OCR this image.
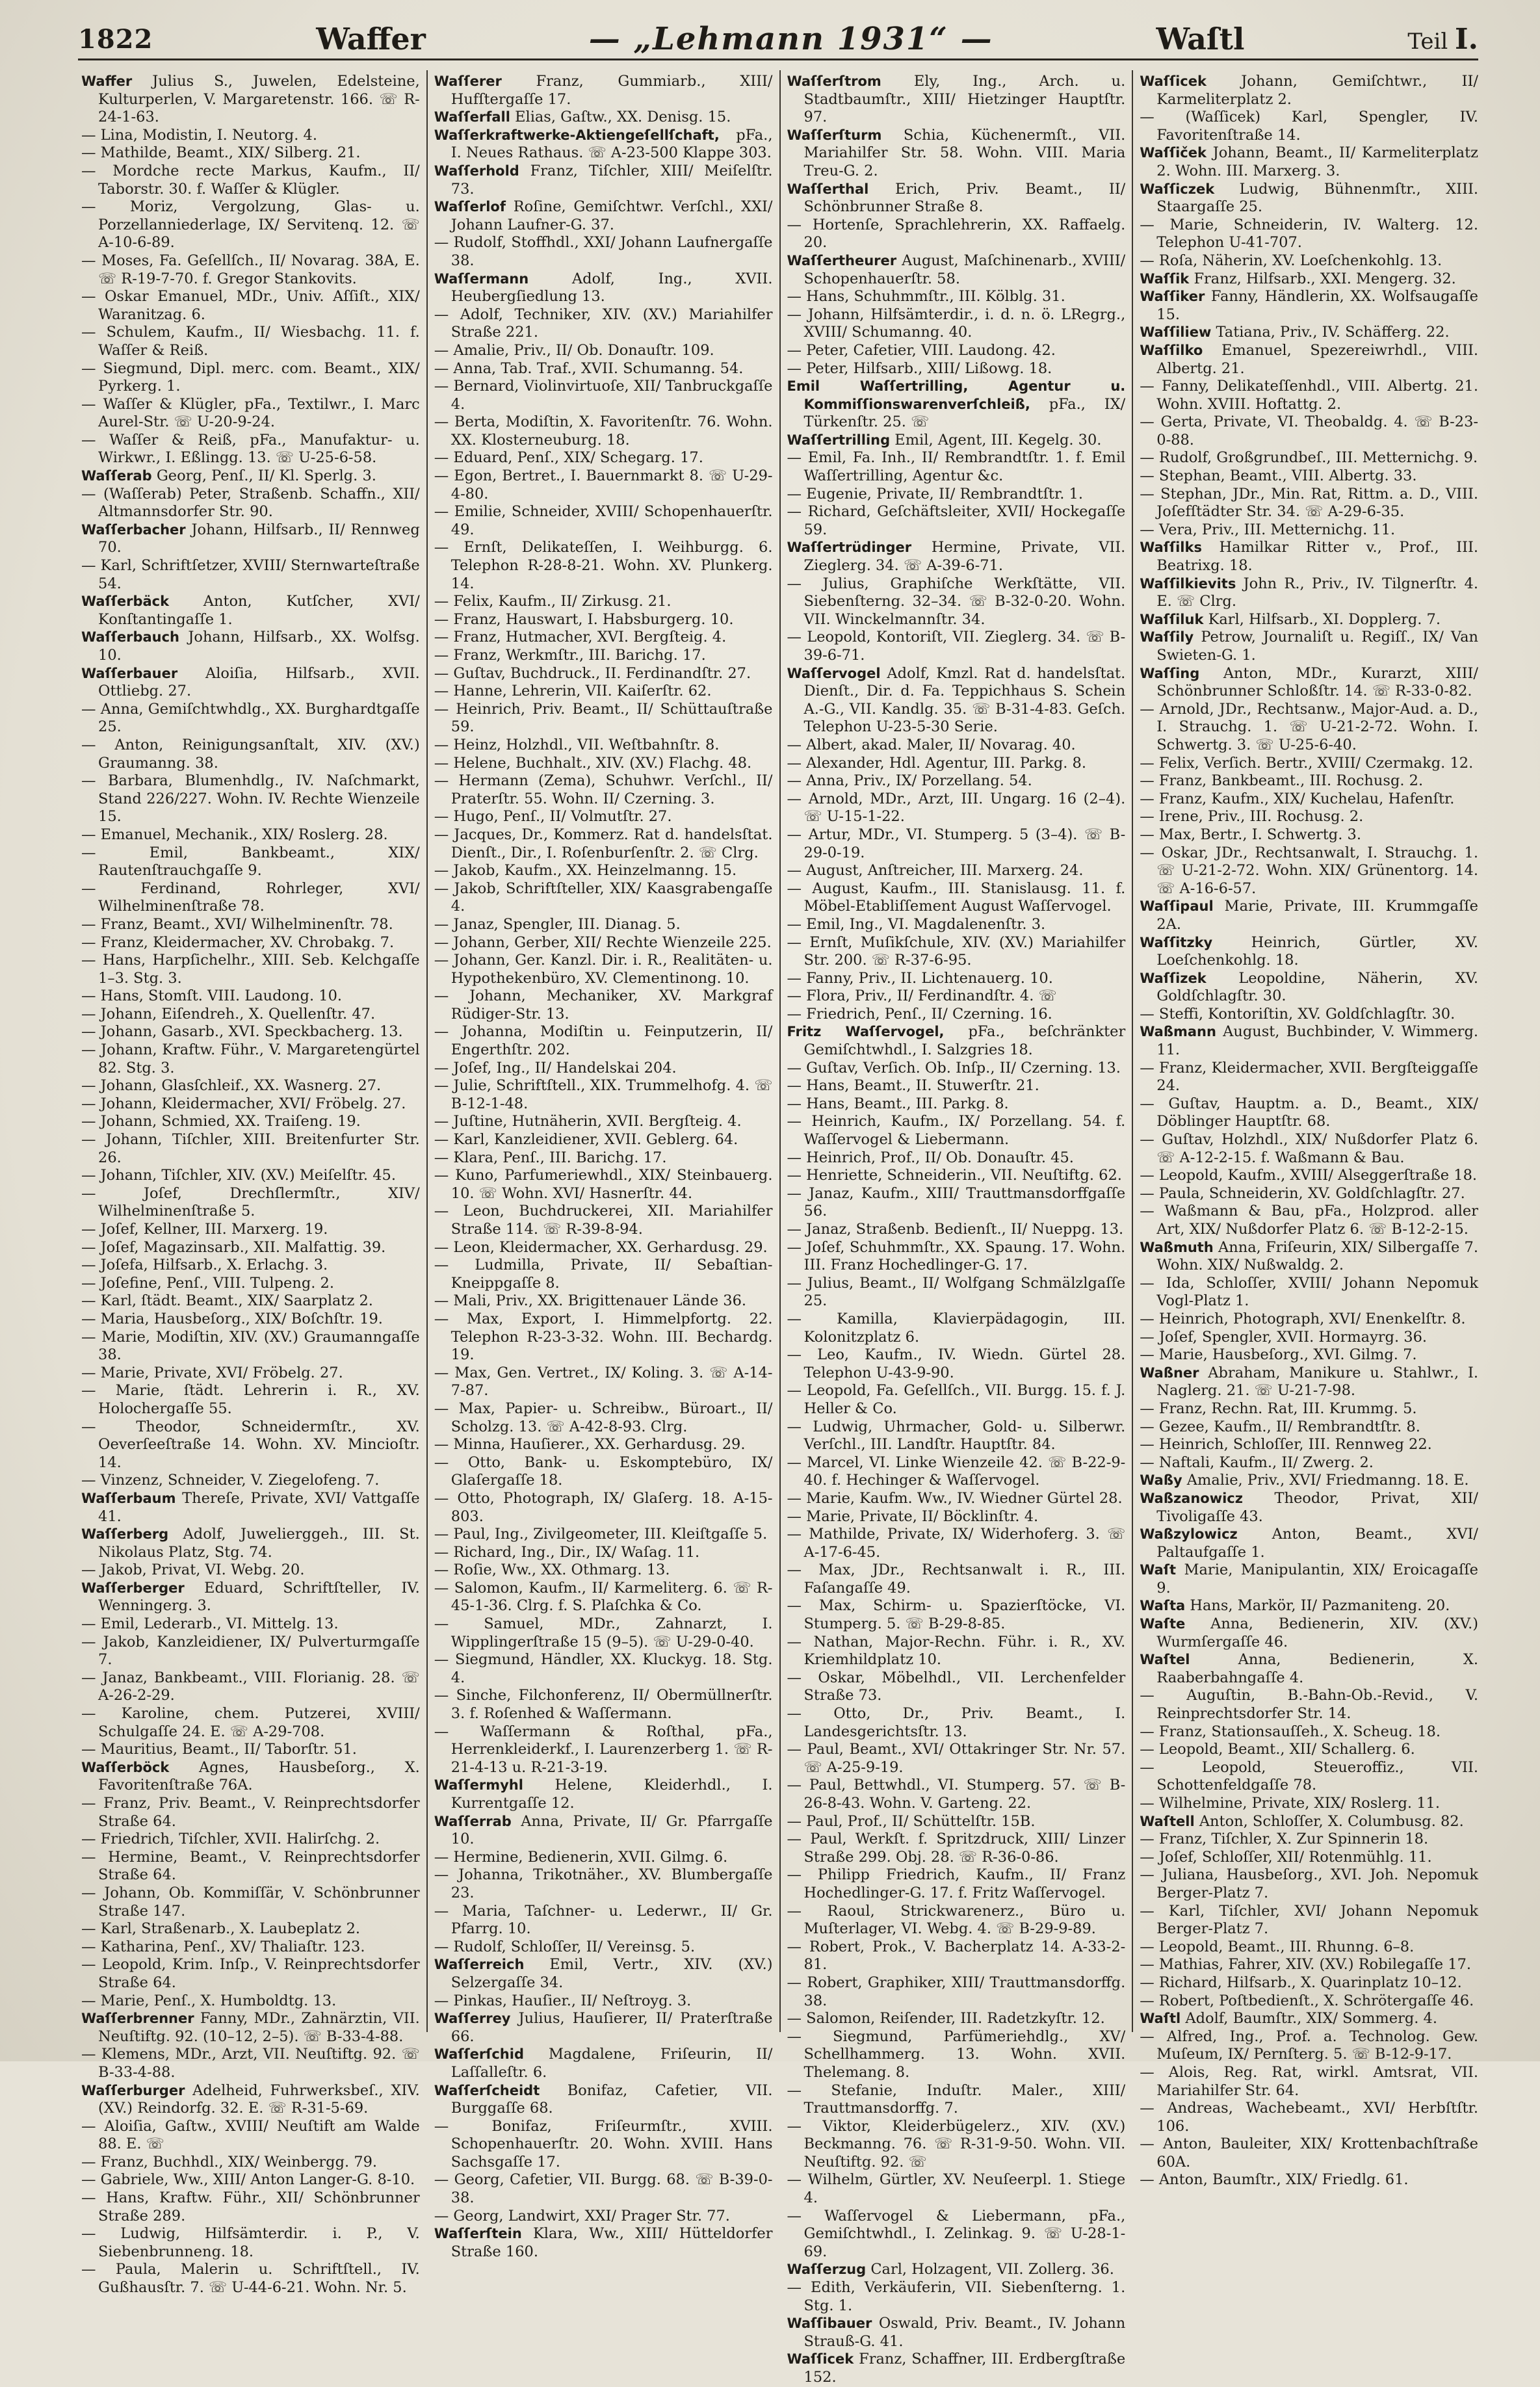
1822	Waffer	— „Lehmann 1931“ —	Waſtl	Teil I.

Waffer Julius S., Juwelen, Edelsteine, Kulturperlen, V. Margaretenstr. 166. ☏ R-24-1-63.

— Lina, Modistin, I. Neutorg. 4.

— Mathilde, Beamt., XIX/ Silberg. 21.

— Mordche recte Markus, Kaufm., II/ Taborstr. 30. f. Waſſer & Klügler.

— Moriz, Vergolzung, Glas- u. Porzellanniederlage, IX/ Servitenq. 12. ☏ A-10-6-89.

— Moses, Fa. Geſellſch., II/ Novarag. 38A, E. ☏ R-19-7-70. f. Gregor Stankovits.

— Oskar Emanuel, MDr., Univ. Aſſiſt., XIX/ Waranitzag. 6.

— Schulem, Kaufm., II/ Wiesbachg. 11. f. Waſſer & Reiß.

— Siegmund, Dipl. merc. com. Beamt., XIX/ Pyrkerg. 1.

— Waſſer & Klügler, pFa., Textilwr., I. Marc Aurel-Str. ☏ U-20-9-24.

— Waſſer & Reiß, pFa., Manufaktur- u. Wirkwr., I. Eßlingg. 13. ☏ U-25-6-58.

Waſſerab Georg, Penſ., II/ Kl. Sperlg. 3.

— (Waſſerab) Peter, Straßenb. Schaffn., XII/ Altmannsdorfer Str. 90.

Waſſerbacher Johann, Hilfsarb., II/ Rennweg 70.

— Karl, Schriftſetzer, XVIII/ Sternwarteſtraße 54.

Waſſerbäck Anton, Kutſcher, XVI/ Konſtantingaſſe 1.

Waſſerbauch Johann, Hilfsarb., XX. Wolfsg. 10.

Waſſerbauer Aloiſia, Hilfsarb., XVII. Ottliebg. 27.

— Anna, Gemiſchtwhdlg., XX. Burghardtgaſſe 25.

— Anton, Reinigungsanſtalt, XIV. (XV.) Graumanng. 38.

— Barbara, Blumenhdlg., IV. Naſchmarkt, Stand 226/227. Wohn. IV. Rechte Wienzeile 15.

— Emanuel, Mechanik., XIX/ Roslerg. 28.

— Emil, Bankbeamt., XIX/ Rautenſtrauchgaſſe 9.

— Ferdinand, Rohrleger, XVI/ Wilhelminenſtraße 78.

— Franz, Beamt., XVI/ Wilhelminenſtr. 78.

— Franz, Kleidermacher, XV. Chrobakg. 7.

— Hans, Harpſichelhr., XIII. Seb. Kelchgaſſe 1–3. Stg. 3.

— Hans, Stomſt. VIII. Laudong. 10.

— Johann, Eiſendreh., X. Quellenſtr. 47.

— Johann, Gasarb., XVI. Speckbacherg. 13.

— Johann, Kraftw. Führ., V. Margaretengürtel 82. Stg. 3.

— Johann, Glasſchleif., XX. Wasnerg. 27.

— Johann, Kleidermacher, XVI/ Fröbelg. 27.

— Johann, Schmied, XX. Traiſeng. 19.

— Johann, Tiſchler, XIII. Breitenfurter Str. 26.

— Johann, Tiſchler, XIV. (XV.) Meiſelſtr. 45.

— Joſef, Drechſlermſtr., XIV/ Wilhelminenſtraße 5.

— Joſef, Kellner, III. Marxerg. 19.

— Joſef, Magazinsarb., XII. Malfattig. 39.

— Joſefa, Hilfsarb., X. Erlachg. 3.

— Joſefine, Penſ., VIII. Tulpeng. 2.

— Karl, ſtädt. Beamt., XIX/ Saarplatz 2.

— Maria, Hausbeſorg., XIX/ Boſchſtr. 19.

— Marie, Modiſtin, XIV. (XV.) Graumanngaſſe 38.

— Marie, Private, XVI/ Fröbelg. 27.

— Marie, ſtädt. Lehrerin i. R., XV. Holochergaſſe 55.

— Theodor, Schneidermſtr., XV. Oeverſeeſtraße 14. Wohn. XV. Mincioſtr. 14.

— Vinzenz, Schneider, V. Ziegelofeng. 7.

Waſſerbaum Thereſe, Private, XVI/ Vattgaſſe 41.

Waſſerberg Adolf, Juwelierggeh., III. St. Nikolaus Platz, Stg. 74.

— Jakob, Privat, VI. Webg. 20.

Waſſerberger Eduard, Schriftſteller, IV. Wenningerg. 3.

— Emil, Lederarb., VI. Mittelg. 13.

— Jakob, Kanzleidiener, IX/ Pulverturmgaſſe 7.

— Janaz, Bankbeamt., VIII. Florianig. 28. ☏ A-26-2-29.

— Karoline, chem. Putzerei, XVIII/ Schulgaſſe 24. E. ☏ A-29-708.

— Mauritius, Beamt., II/ Taborſtr. 51.

Waſſerböck Agnes, Hausbeſorg., X. Favoritenſtraße 76A.

— Franz, Priv. Beamt., V. Reinprechtsdorfer Straße 64.

— Friedrich, Tiſchler, XVII. Halirſchg. 2.

— Hermine, Beamt., V. Reinprechtsdorfer Straße 64.

— Johann, Ob. Kommiſſär, V. Schönbrunner Straße 147.

— Karl, Straßenarb., X. Laubeplatz 2.

— Katharina, Penſ., XV/ Thaliaſtr. 123.

— Leopold, Krim. Inſp., V. Reinprechtsdorfer Straße 64.

— Marie, Penſ., X. Humboldtg. 13.

Waſſerbrenner Fanny, MDr., Zahnärztin, VII. Neuſtiftg. 92. (10–12, 2–5). ☏ B-33-4-88.

— Klemens, MDr., Arzt, VII. Neuſtiftg. 92. ☏ B-33-4-88.

Waſſerburger Adelheid, Fuhrwerksbeſ., XIV. (XV.) Reindorfg. 32. E. ☏ R-31-5-69.

— Aloiſia, Gaſtw., XVIII/ Neuſtift am Walde 88. E. ☏

— Franz, Buchhdl., XIX/ Weinbergg. 79.

— Gabriele, Ww., XIII/ Anton Langer-G. 8-10.

— Hans, Kraftw. Führ., XII/ Schönbrunner Straße 289.

— Ludwig, Hilfsämterdir. i. P., V. Siebenbrunneng. 18.

— Paula, Malerin u. Schriftſtell., IV. Gußhausſtr. 7. ☏ U-44-6-21. Wohn. Nr. 5.

Waſſerer Franz, Gummiarb., XIII/ Hufſtergaſſe 17.

Waſſerfall Elias, Gaſtw., XX. Denisg. 15.

Waſſerkraftwerke-Aktiengeſellſchaft, pFa., I. Neues Rathaus. ☏ A-23-500 Klappe 303.

Waſſerhold Franz, Tiſchler, XIII/ Meiſelſtr. 73.

Waſſerlof Roſine, Gemiſchtwr. Verſchl., XXI/ Johann Laufner-G. 37.

— Rudolf, Stoffhdl., XXI/ Johann Laufnergaſſe 38.

Waſſermann	Adolf, Ing., XVII. Heubergſiedlung 13.

— Adolf, Techniker, XIV. (XV.) Mariahilfer Straße 221.

— Amalie, Priv., II/ Ob. Donauſtr. 109.

— Anna, Tab. Traf., XVII. Schumanng. 54.

— Bernard, Violinvirtuoſe, XII/ Tanbruckgaſſe 4.

— Berta, Modiſtin, X. Favoritenſtr. 76. Wohn. XX. Klosterneuburg. 18.

— Eduard, Penſ., XIX/ Schegarg. 17.

— Egon, Bertret., I. Bauernmarkt 8. ☏ U-29-4-80.

— Emilie, Schneider, XVIII/ Schopenhauerſtr. 49.

— Ernſt, Delikateſſen, I. Weihburgg. 6. Telephon R-28-8-21. Wohn. XV. Plunkerg. 14.

— Felix, Kaufm., II/ Zirkusg. 21.

— Franz, Hauswart, I. Habsburgerg. 10.

— Franz, Hutmacher, XVI. Bergſteig. 4.

— Franz, Werkmſtr., III. Barichg. 17.

— Guſtav, Buchdruck., II. Ferdinandſtr. 27.

— Hanne, Lehrerin, VII. Kaiſerſtr. 62.

— Heinrich, Priv. Beamt., II/ Schüttauſtraße 59.

— Heinz, Holzhdl., VII. Weſtbahnſtr. 8.

— Helene, Buchhalt., XIV. (XV.) Flachg. 48.

— Hermann (Zema), Schuhwr. Verſchl., II/ Praterſtr. 55. Wohn. II/ Czerning. 3.

— Hugo, Penſ., II/ Volmutſtr. 27.

— Jacques, Dr., Kommerz. Rat d. handelsſtat. Dienſt., Dir., I. Roſenburſenſtr. 2. ☏ Clrg.

— Jakob, Kaufm., XX. Heinzelmanng. 15.

— Jakob, Schriftſteller, XIX/ Kaasgrabengaſſe 4.

— Janaz, Spengler, III. Dianag. 5.

— Johann, Gerber, XII/ Rechte Wienzeile 225.

— Johann, Ger. Kanzl. Dir. i. R., Realitäten- u. Hypothekenbüro, XV. Clementinong. 10.

— Johann, Mechaniker, XV. Markgraf Rüdiger-Str. 13.

— Johanna, Modiſtin u. Feinputzerin, II/ Engerthſtr. 202.

— Joſef, Ing., II/ Handelskai 204.

— Julie, Schriftſtell., XIX. Trummelhofg. 4. ☏ B-12-1-48.

— Juſtine, Hutnäherin, XVII. Bergſteig. 4.

— Karl, Kanzleidiener, XVII. Geblerg. 64.

— Klara, Penſ., III. Barichg. 17.

— Kuno, Parfumeriewhdl., XIX/ Steinbauerg. 10. ☏ Wohn. XVI/ Hasnerſtr. 44.

— Leon, Buchdruckerei, XII. Mariahilfer Straße 114. ☏ R-39-8-94.

— Leon, Kleidermacher, XX. Gerhardusg. 29.

— Ludmilla, Private, II/ Sebaſtian-Kneippgaſſe 8.

— Mali, Priv., XX. Brigittenauer Lände 36.

— Max, Export, I. Himmelpfortg. 22. Telephon R-23-3-32. Wohn. III. Bechardg. 19.

— Max, Gen. Vertret., IX/ Koling. 3. ☏ A-14-7-87.

— Max, Papier- u. Schreibw., Büroart., II/ Scholzg. 13. ☏ A-42-8-93. Clrg.

— Minna, Hauſierer., XX. Gerhardusg. 29.

— Otto, Bank- u. Eskomptebüro, IX/ Glaſergaſſe 18.

— Otto, Photograph, IX/ Glaſerg. 18. A-15-803.

— Paul, Ing., Zivilgeometer, III. Kleiſtgaſſe 5.

— Richard, Ing., Dir., IX/ Waſag. 11.

— Roſie, Ww., XX. Othmarg. 13.

— Salomon, Kaufm., II/ Karmeliterg. 6. ☏ R-45-1-36. Clrg. f. S. Plaſchka & Co.

— Samuel, MDr., Zahnarzt, I. Wipplingerſtraße 15 (9–5). ☏ U-29-0-40.

— Siegmund, Händler, XX. Kluckyg. 18. Stg. 4.

— Sinche, Filchonferenz, II/ Obermüllnerſtr. 3. f. Roſenhed & Waſſermann.

— Waſſermann & Roſthal, pFa., Herrenkleiderkf., I. Laurenzerberg 1. ☏ R-21-4-13 u. R-21-3-19.

Waſſermyhl Helene, Kleiderhdl., I. Kurrentgaſſe 12.

Waſſerrab Anna, Private, II/ Gr. Pfarrgaſſe 10.

— Hermine, Bedienerin, XVII. Gilmg. 6.

— Johanna, Trikotnäher., XV. Blumbergaſſe 23.

— Maria, Taſchner- u. Lederwr., II/ Gr. Pfarrg. 10.

— Rudolf, Schloſſer, II/ Vereinsg. 5.

Waſſerreich Emil, Vertr., XIV. (XV.) Selzergaſſe 34.

— Pinkas, Hauſier., II/ Neſtroyg. 3.

Waſſerrey Julius, Hauſierer, II/ Praterſtraße 66.

Waſſerſchid Magdalene, Friſeurin, II/ Laſſalleſtr. 6.

Waſſerſcheidt Bonifaz, Cafetier, VII. Burggaſſe 68.

— Bonifaz, Friſeurmſtr., XVIII. Schopenhauerſtr. 20. Wohn. XVIII. Hans Sachsgaſſe 17.

— Georg, Cafetier, VII. Burgg. 68. ☏ B-39-0-38.

— Georg, Landwirt, XXI/ Prager Str. 77.

Waſſerſtein Klara, Ww., XIII/ Hütteldorfer Straße 160.

Waſſerſtrom Ely, Ing., Arch. u. Stadtbaumſtr., XIII/ Hietzinger Hauptſtr. 97.

Waſſerſturm Schia, Küchenermſt., VII. Mariahilfer Str. 58. Wohn. VIII. Maria Treu-G. 2.

Waſſerthal Erich, Priv. Beamt., II/ Schönbrunner Straße 8.

— Hortenſe, Sprachlehrerin, XX. Raffaelg. 20.

Waſſertheurer August, Maſchinenarb., XVIII/ Schopenhauerſtr. 58.

— Hans, Schuhmmſtr., III. Kölblg. 31.

— Johann, Hilfsämterdir., i. d. n. ö. LRegrg., XVIII/ Schumanng. 40.

— Peter, Cafetier, VIII. Laudong. 42.

— Peter, Hilfsarb., XIII/ Lißowg. 18.

Emil Waſſertrilling, Agentur u. Kommiſſionswarenverſchleiß, pFa., IX/ Türkenſtr. 25. ☏

Waſſertrilling Emil, Agent, III. Kegelg. 30.

— Emil, Fa. Inh., II/ Rembrandtſtr. 1. f. Emil Waſſertrilling, Agentur &c.

— Eugenie, Private, II/ Rembrandtſtr. 1.

— Richard, Geſchäftsleiter, XVII/ Hockegaſſe 59.

Waſſertrüdinger Hermine, Private, VII. Zieglerg. 34. ☏ A-39-6-71.

— Julius, Graphiſche Werkſtätte, VII. Siebenſterng. 32–34. ☏ B-32-0-20. Wohn. VII. Winckelmannſtr. 34.

— Leopold, Kontoriſt, VII. Zieglerg. 34. ☏ B-39-6-71.

Waſſervogel Adolf, Kmzl. Rat d. handelsſtat. Dienſt., Dir. d. Fa. Teppichhaus S. Schein A.-G., VII. Kandlg. 35. ☏ B-31-4-83. Geſch. Telephon U-23-5-30 Serie.

— Albert, akad. Maler, II/ Novarag. 40.

— Alexander, Hdl. Agentur, III. Parkg. 8.

— Anna, Priv., IX/ Porzellang. 54.

— Arnold, MDr., Arzt, III. Ungarg. 16 (2–4). ☏ U-15-1-22.

— Artur, MDr., VI. Stumperg. 5 (3–4). ☏ B-29-0-19.

— August, Anſtreicher, III. Marxerg. 24.

— August, Kaufm., III. Stanislausg. 11. f. Möbel-Etabliſſement August Waſſervogel.

— Emil, Ing., VI. Magdalenenſtr. 3.

— Ernſt, Muſikſchule, XIV. (XV.) Mariahilfer Str. 200. ☏ R-37-6-95.

— Fanny, Priv., II. Lichtenauerg. 10.

— Flora, Priv., II/ Ferdinandſtr. 4. ☏

— Friedrich, Penſ., II/ Czerning. 16.

Fritz Waſſervogel, pFa., beſchränkter Gemiſchtwhdl., I. Salzgries 18.

— Guſtav, Verſich. Ob. Inſp., II/ Czerning. 13.

— Hans, Beamt., II. Stuwerſtr. 21.

— Hans, Beamt., III. Parkg. 8.

— Heinrich, Kaufm., IX/ Porzellang. 54. f. Waſſervogel & Liebermann.

— Heinrich, Prof., II/ Ob. Donauſtr. 45.

— Henriette, Schneiderin., VII. Neuſtiftg. 62.

— Janaz, Kaufm., XIII/ Trauttmansdorffgaſſe 56.

— Janaz, Straßenb. Bedienſt., II/ Nueppg. 13.

— Joſef, Schuhmmſtr., XX. Spaung. 17. Wohn. III. Franz Hochedlinger-G. 17.

— Julius, Beamt., II/ Wolfgang Schmälzlgaſſe 25.

— Kamilla, Klavierpädagogin, III. Kolonitzplatz 6.

— Leo, Kaufm., IV. Wiedn. Gürtel 28. Telephon U-43-9-90.

— Leopold, Fa. Geſellſch., VII. Burgg. 15. f. J. Heller & Co.

— Ludwig, Uhrmacher, Gold- u. Silberwr. Verſchl., III. Landſtr. Hauptſtr. 84.

— Marcel, VI. Linke Wienzeile 42. ☏ B-22-9-40. f. Hechinger & Waſſervogel.

— Marie, Kaufm. Ww., IV. Wiedner Gürtel 28.

— Marie, Private, II/ Böcklinſtr. 4.

— Mathilde, Private, IX/ Widerhoferg. 3. ☏ A-17-6-45.

— Max, JDr., Rechtsanwalt i. R., III. Faſangaſſe 49.

— Max, Schirm- u. Spazierſtöcke, VI. Stumperg. 5. ☏ B-29-8-85.

— Nathan, Major-Rechn. Führ. i. R., XV. Kriemhildplatz 10.

— Oskar, Möbelhdl., VII. Lerchenfelder Straße 73.

— Otto, Dr., Priv. Beamt., I. Landesgerichtsſtr. 13.

— Paul, Beamt., XVI/ Ottakringer Str. Nr. 57. ☏ A-25-9-19.

— Paul, Bettwhdl., VI. Stumperg. 57. ☏ B-26-8-43. Wohn. V. Garteng. 22.

— Paul, Prof., II/ Schüttelſtr. 15B.

— Paul, Werkſt. f. Spritzdruck, XIII/ Linzer Straße 299. Obj. 28. ☏ R-36-0-86.

— Philipp Friedrich, Kaufm., II/ Franz Hochedlinger-G. 17. f. Fritz Waſſervogel.

— Raoul, Strickwarenerz., Büro u. Muſterlager, VI. Webg. 4. ☏ B-29-9-89.

— Robert, Prok., V. Bacherplatz 14. A-33-2-81.

— Robert, Graphiker, XIII/ Trauttmansdorffg. 38.

— Salomon, Reiſender, III. Radetzkyſtr. 12.

— Siegmund, Parfümeriehdlg., XV/ Schellhammerg. 13. Wohn. XVII. Thelemang. 8.

— Stefanie, Induſtr. Maler., XIII/ Trauttmansdorffg. 7.

— Viktor, Kleiderbügelerz., XIV. (XV.) Beckmanng. 76. ☏ R-31-9-50. Wohn. VII. Neuſtiftg. 92. ☏

— Wilhelm, Gürtler, XV. Neuſeerpl. 1. Stiege 4.

— Waſſervogel & Liebermann, pFa., Gemiſchtwhdl., I. Zelinkag. 9. ☏ U-28-1-69.

Waſſerzug Carl, Holzagent, VII. Zollerg. 36.

— Edith, Verkäuferin, VII. Siebenſterng. 1. Stg. 1.

Waſſibauer Oswald, Priv. Beamt., IV. Johann Strauß-G. 41.

Waſſicek Franz, Schaffner, III. Erdbergſtraße 152.

Waſſicek Johann, Gemiſchtwr., II/ Karmeliterplatz 2.

— (Waſſicek) Karl, Spengler, IV. Favoritenſtraße 14.

Waſſiček Johann, Beamt., II/ Karmeliterplatz 2. Wohn. III. Marxerg. 3.

Waſſiczek Ludwig, Bühnenmſtr., XIII. Staargaſſe 25.

— Marie, Schneiderin, IV. Walterg. 12. Telephon U-41-707.

— Roſa, Näherin, XV. Loeſchenkohlg. 13.

Waſſik Franz, Hilfsarb., XXI. Mengerg. 32.

Waſſiker Fanny, Händlerin, XX. Wolfsaugaſſe 15.

Waſſiliew Tatiana, Priv., IV. Schäfferg. 22.

Waſſilko Emanuel, Spezereiwrhdl., VIII. Albertg. 21.

— Fanny, Delikateſſenhdl., VIII. Albertg. 21. Wohn. XVIII. Hoftattg. 2.

— Gerta, Private, VI. Theobaldg. 4. ☏ B-23-0-88.

— Rudolf, Großgrundbeſ., III. Metternichg. 9.

— Stephan, Beamt., VIII. Albertg. 33.

— Stephan, JDr., Min. Rat, Rittm. a. D., VIII. Joſefſtädter Str. 34. ☏ A-29-6-35.

— Vera, Priv., III. Metternichg. 11.

Waſſilks Hamilkar Ritter v., Prof., III. Beatrixg. 18.

Waſſilkievits John R., Priv., IV. Tilgnerſtr. 4. E. ☏ Clrg.

Waſſiluk Karl, Hilfsarb., XI. Dopplerg. 7.

Waſſily Petrow, Journaliſt u. Regiſſ., IX/ Van Swieten-G. 1.

Waſſing Anton, MDr., Kurarzt, XIII/ Schönbrunner Schloßſtr. 14. ☏ R-33-0-82.

— Arnold, JDr., Rechtsanw., Major-Aud. a. D., I. Strauchg. 1. ☏ U-21-2-72. Wohn. I. Schwertg. 3. ☏ U-25-6-40.

— Felix, Verſich. Bertr., XVIII/ Czermakg. 12.

— Franz, Bankbeamt., III. Rochusg. 2.

— Franz, Kaufm., XIX/ Kuchelau, Hafenſtr.

— Irene, Priv., III. Rochusg. 2.

— Max, Bertr., I. Schwertg. 3.

— Oskar, JDr., Rechtsanwalt, I. Strauchg. 1. ☏ U-21-2-72. Wohn. XIX/ Grünentorg. 14. ☏ A-16-6-57.

Waſſipaul Marie, Private, III. Krummgaſſe 2A.

Waſſitzky	Heinrich, Gürtler, XV. Loeſchenkohlg. 18.

Waſſizek Leopoldine, Näherin, XV. Goldſchlagſtr. 30.

— Steffi, Kontoriſtin, XV. Goldſchlagſtr. 30.

Waßmann August, Buchbinder, V. Wimmerg. 11.

— Franz, Kleidermacher, XVII. Bergſteiggaſſe 24.

— Guſtav, Hauptm. a. D., Beamt., XIX/ Döblinger Hauptſtr. 68.

— Guſtav, Holzhdl., XIX/ Nußdorfer Platz 6. ☏ A-12-2-15. f. Waßmann & Bau.

— Leopold, Kaufm., XVIII/ Alseggerſtraße 18.

— Paula, Schneiderin, XV. Goldſchlagſtr. 27.

— Waßmann & Bau, pFa., Holzprod. aller Art, XIX/ Nußdorfer Platz 6. ☏ B-12-2-15.

Waßmuth Anna, Friſeurin, XIX/ Silbergaſſe 7. Wohn. XIX/ Nußwaldg. 2.

— Ida, Schloſſer, XVIII/ Johann Nepomuk Vogl-Platz 1.

— Heinrich, Photograph, XVI/ Enenkelſtr. 8.

— Joſef, Spengler, XVII. Hormayrg. 36.

— Marie, Hausbeſorg., XVI. Gilmg. 7.

Waßner Abraham, Manikure u. Stahlwr., I. Naglerg. 21. ☏ U-21-7-98.

— Franz, Rechn. Rat, III. Krummg. 5.

— Gezee, Kaufm., II/ Rembrandtſtr. 8.

— Heinrich, Schloſſer, III. Rennweg 22.

— Naftali, Kaufm., II/ Zwerg. 2.

Waßy Amalie, Priv., XVI/ Friedmanng. 18. E.

Waßzanowicz Theodor, Privat, XII/ Tivoligaſſe 43.

Waßzylowicz Anton, Beamt., XVI/ Paltaufgaſſe 1.

Waſt Marie, Manipulantin, XIX/ Eroicagaſſe 9.

Waſta Hans, Markör, II/ Pazmaniteng. 20.

Waſte Anna, Bedienerin, XIV. (XV.) Wurmſergaſſe 46.

Waſtel	Anna, Bedienerin, X. Raaberbahngaſſe 4.

— Auguſtin, B.-Bahn-Ob.-Revid., V. Reinprechtsdorfer Str. 14.

— Franz, Stationsauſſeh., X. Scheug. 18.

— Leopold, Beamt., XII/ Schallerg. 6.

— Leopold, Steueroffiz., VII. Schottenfeldgaſſe 78.

— Wilhelmine, Private, XIX/ Roslerg. 11.

Waſtell Anton, Schloſſer, X. Columbusg. 82.

— Franz, Tiſchler, X. Zur Spinnerin 18.

— Joſef, Schloſſer, XII/ Rotenmühlg. 11.

— Juliana, Hausbeſorg., XVI. Joh. Nepomuk Berger-Platz 7.

— Karl, Tiſchler, XVI/ Johann Nepomuk Berger-Platz 7.

— Leopold, Beamt., III. Rhunng. 6–8.

— Mathias, Fahrer, XIV. (XV.) Robilegaſſe 17.

— Richard, Hilfsarb., X. Quarinplatz 10–12.

— Robert, Poſtbedienſt., X. Schrötergaſſe 46.

Waſtl Adolf, Baumſtr., XIX/ Sommerg. 4.

— Alfred, Ing., Prof. a. Technolog. Gew. Muſeum, IX/ Pernſterg. 5. ☏ B-12-9-17.

— Alois, Reg. Rat, wirkl. Amtsrat, VII. Mariahilfer Str. 64.

— Andreas, Wachebeamt., XVI/ Herbſtſtr. 106.

— Anton, Bauleiter, XIX/ Krottenbachſtraße 60A.

— Anton, Baumſtr., XIX/ Friedlg. 61.
